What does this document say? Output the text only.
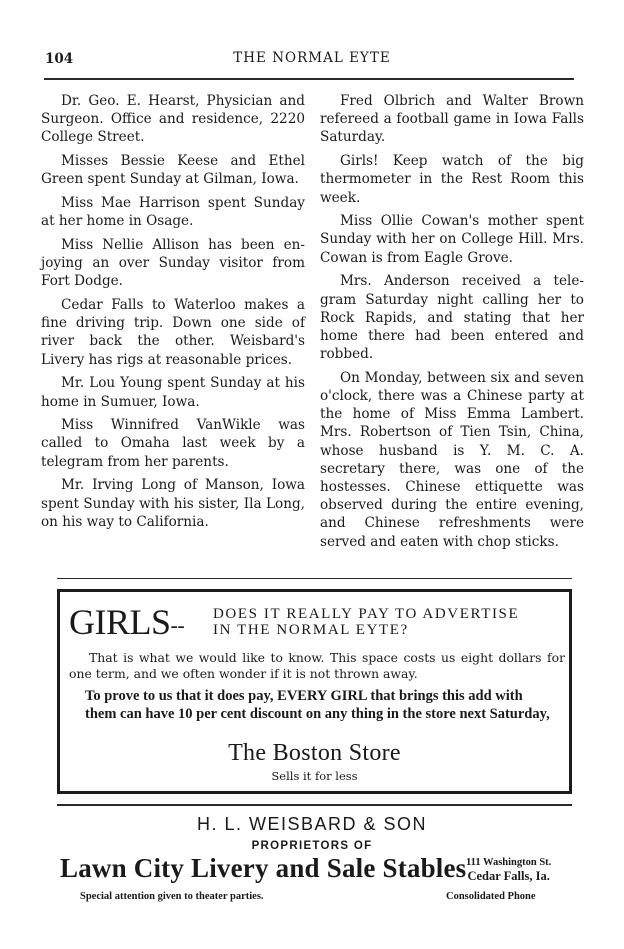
104	THE NORMAL EYTE

Dr. Geo. E. Hearst, Physician and Surgeon. Office and residence, 2220 College Street.

Misses Bessie Keese and Ethel Green spent Sunday at Gilman, Iowa.

Miss Mae Harrison spent Sunday at her home in Osage.

Miss Nellie Allison has been en-joying an over Sunday visitor from Fort Dodge.

Cedar Falls to Waterloo makes a fine driving trip. Down one side of river back the other. Weisbard's Livery has rigs at reasonable prices.

Mr. Lou Young spent Sunday at his home in Sumuer, Iowa.

Miss Winnifred VanWikle was called to Omaha last week by a telegram from her parents.

Mr. Irving Long of Manson, Iowa spent Sunday with his sister, Ila Long, on his way to California.

Fred Olbrich and Walter Brown refereed a football game in Iowa Falls Saturday.

Girls! Keep watch of the big thermometer in the Rest Room this week.

Miss Ollie Cowan's mother spent Sunday with her on College Hill. Mrs. Cowan is from Eagle Grove.

Mrs. Anderson received a tele-gram Saturday night calling her to Rock Rapids, and stating that her home there had been entered and robbed.

On Monday, between six and seven o'clock, there was a Chinese party at the home of Miss Emma Lambert. Mrs. Robertson of Tien Tsin, China, whose husband is Y. M. C. A. secretary there, was one of the hostesses. Chinese ettiquette was observed during the entire evening, and Chinese refreshments were served and eaten with chop sticks.

GIRLS-- DOES IT REALLY PAY TO ADVERTISE
IN THE NORMAL EYTE?
That is what we would like to know. This space costs us eight dollars for one term, and we often wonder if it is not thrown away.
To prove to us that it does pay, EVERY GIRL that brings this add with them can have 10 per cent discount on any thing in the store next Saturday,
The Boston Store
Sells it for less
H. L. WEISBARD & SON
PROPRIETORS OF
Lawn City Livery and Sale Stables 111 Washington St.
Cedar Falls, Ia.
Special attention given to theater parties.	Consolidated Phone
